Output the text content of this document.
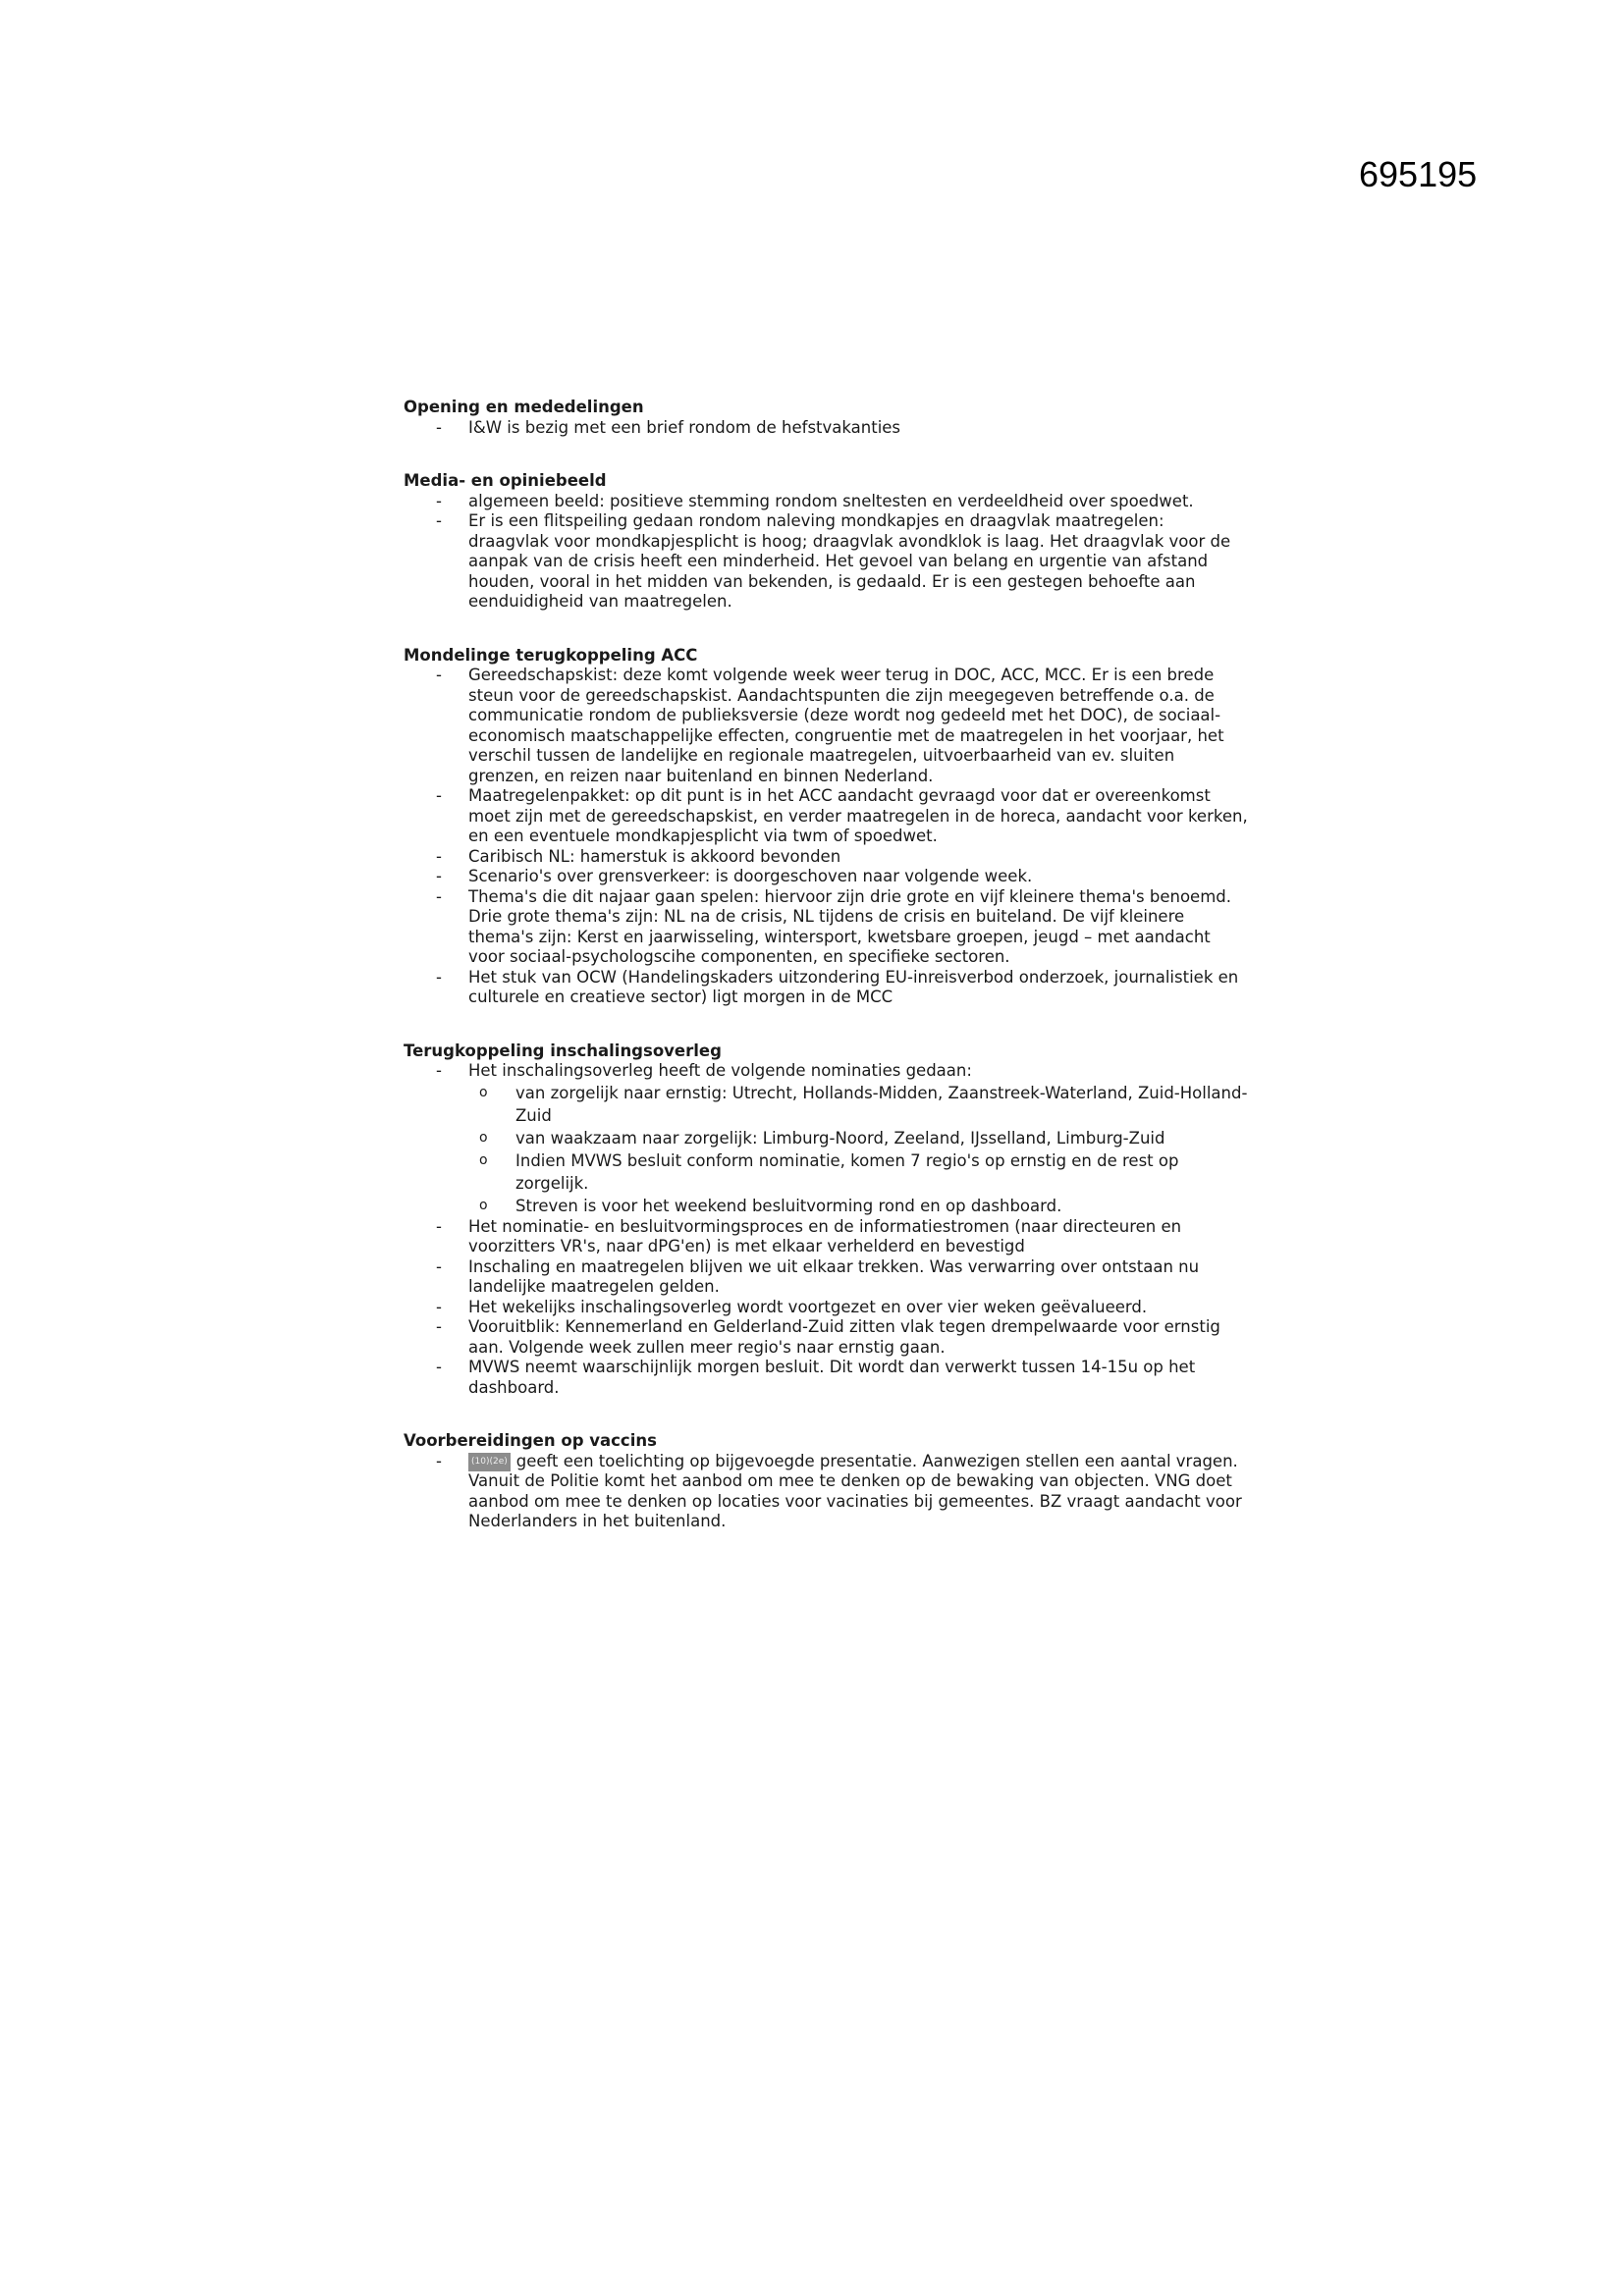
695195

Opening en mededelingen

- I&W is bezig met een brief rondom de hefstvakanties

Media- en opiniebeeld

- algemeen beeld: positieve stemming rondom sneltesten en verdeeldheid over spoedwet.
- Er is een flitspeiling gedaan rondom naleving mondkapjes en draagvlak maatregelen: draagvlak voor mondkapjesplicht is hoog; draagvlak avondklok is laag. Het draagvlak voor de aanpak van de crisis heeft een minderheid. Het gevoel van belang en urgentie van afstand houden, vooral in het midden van bekenden, is gedaald. Er is een gestegen behoefte aan eenduidigheid van maatregelen.

Mondelinge terugkoppeling ACC

- Gereedschapskist: deze komt volgende week weer terug in DOC, ACC, MCC. Er is een brede steun voor de gereedschapskist. Aandachtspunten die zijn meegegeven betreffende o.a. de communicatie rondom de publieksversie (deze wordt nog gedeeld met het DOC), de sociaal-economisch maatschappelijke effecten, congruentie met de maatregelen in het voorjaar, het verschil tussen de landelijke en regionale maatregelen, uitvoerbaarheid van ev. sluiten grenzen, en reizen naar buitenland en binnen Nederland.
- Maatregelenpakket: op dit punt is in het ACC aandacht gevraagd voor dat er overeenkomst moet zijn met de gereedschapskist, en verder maatregelen in de horeca, aandacht voor kerken, en een eventuele mondkapjesplicht via twm of spoedwet.
- Caribisch NL: hamerstuk is akkoord bevonden
- Scenario's over grensverkeer: is doorgeschoven naar volgende week.
- Thema's die dit najaar gaan spelen: hiervoor zijn drie grote en vijf kleinere thema's benoemd. Drie grote thema's zijn: NL na de crisis, NL tijdens de crisis en buiteland. De vijf kleinere thema's zijn: Kerst en jaarwisseling, wintersport, kwetsbare groepen, jeugd – met aandacht voor sociaal-psychologscihe componenten, en specifieke sectoren.
- Het stuk van OCW (Handelingskaders uitzondering EU-inreisverbod onderzoek, journalistiek en culturele en creatieve sector) ligt morgen in de MCC

Terugkoppeling inschalingsoverleg

- Het inschalingsoverleg heeft de volgende nominaties gedaan:
o van zorgelijk naar ernstig: Utrecht, Hollands-Midden, Zaanstreek-Waterland, Zuid-Holland-Zuid
o van waakzaam naar zorgelijk: Limburg-Noord, Zeeland, IJsselland, Limburg-Zuid
o Indien MVWS besluit conform nominatie, komen 7 regio's op ernstig en de rest op zorgelijk.
o Streven is voor het weekend besluitvorming rond en op dashboard.
- Het nominatie- en besluitvormingsproces en de informatiestromen (naar directeuren en voorzitters VR's, naar dPG'en) is met elkaar verhelderd en bevestigd
- Inschaling en maatregelen blijven we uit elkaar trekken. Was verwarring over ontstaan nu landelijke maatregelen gelden.
- Het wekelijks inschalingsoverleg wordt voortgezet en over vier weken geëvalueerd.
- Vooruitblik: Kennemerland en Gelderland-Zuid zitten vlak tegen drempelwaarde voor ernstig aan. Volgende week zullen meer regio's naar ernstig gaan.
- MVWS neemt waarschijnlijk morgen besluit. Dit wordt dan verwerkt tussen 14-15u op het dashboard.

Voorbereidingen op vaccins

- (10)(2e) geeft een toelichting op bijgevoegde presentatie. Aanwezigen stellen een aantal vragen. Vanuit de Politie komt het aanbod om mee te denken op de bewaking van objecten. VNG doet aanbod om mee te denken op locaties voor vacinaties bij gemeentes. BZ vraagt aandacht voor Nederlanders in het buitenland.
